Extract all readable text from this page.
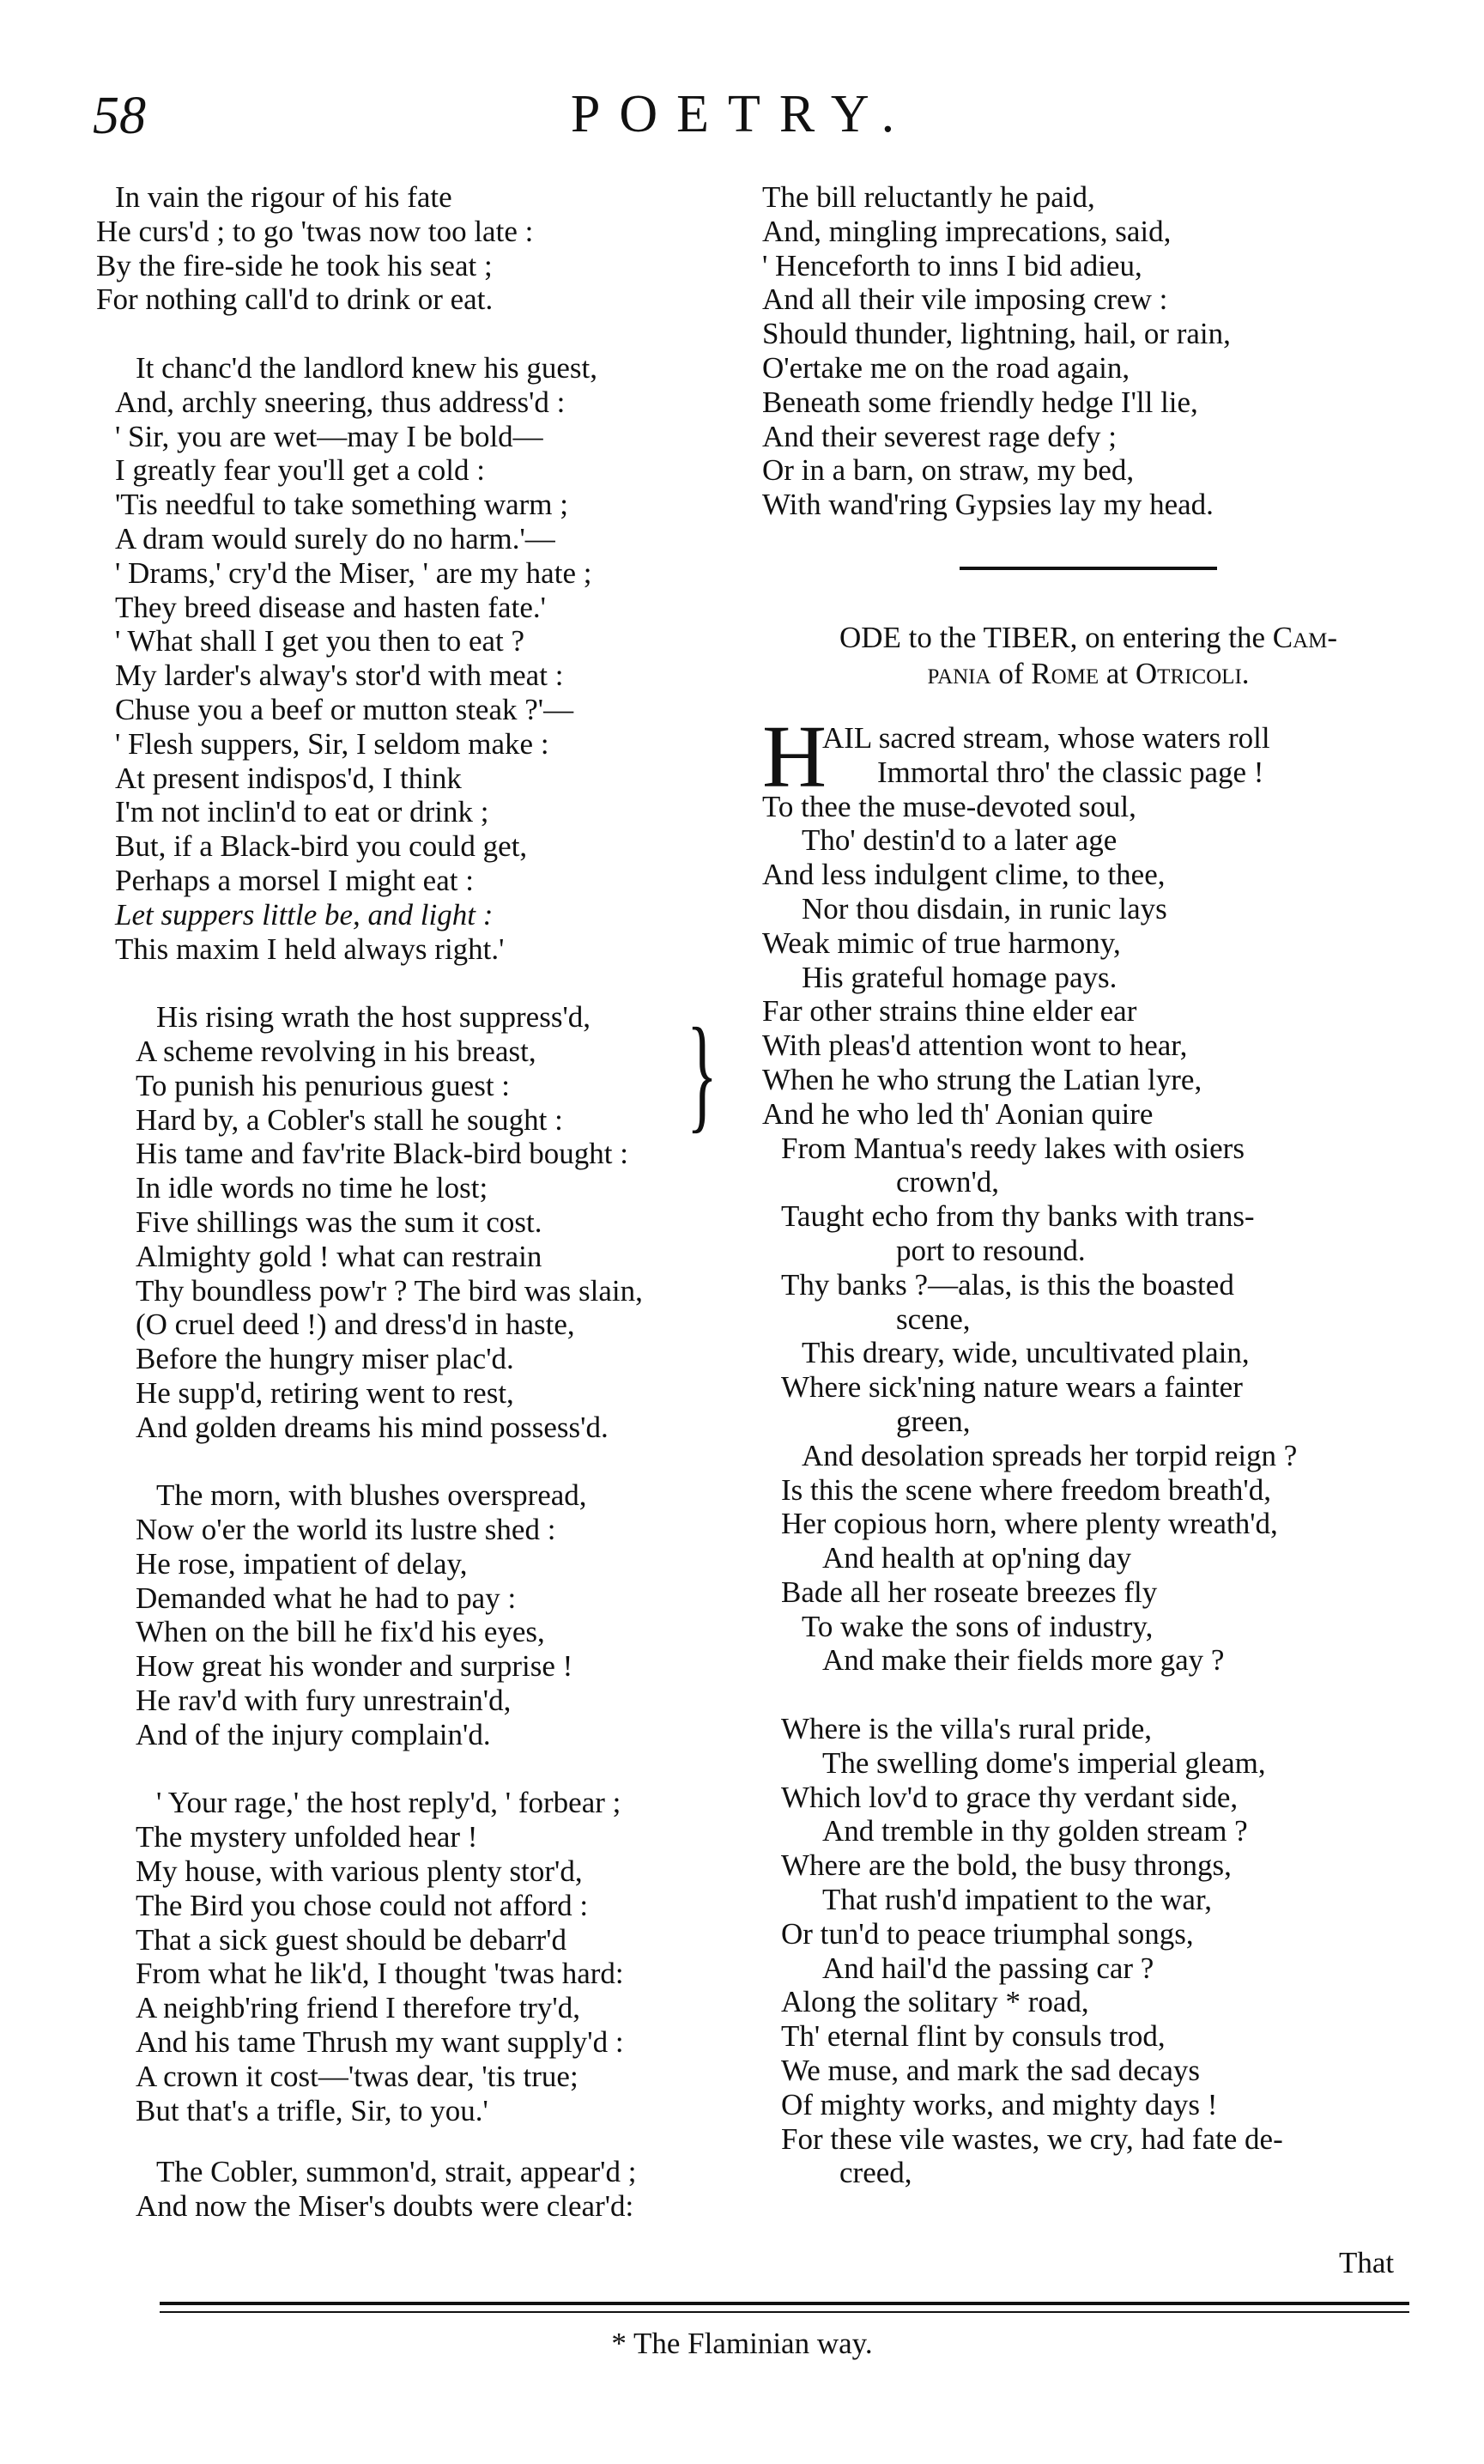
58	POETRY.
}
In vain the rigour of his fate
He curs'd ; to go 'twas now too late :
By the fire-side he took his seat ;
For nothing call'd to drink or eat.
It chanc'd the landlord knew his guest,
And, archly sneering, thus address'd :
' Sir, you are wet—may I be bold—
I greatly fear you'll get a cold :
'Tis needful to take something warm ;
A dram would surely do no harm.'—
' Drams,' cry'd the Miser, ' are my hate ;
They breed disease and hasten fate.'
' What shall I get you then to eat ?
My larder's alway's stor'd with meat :
Chuse you a beef or mutton steak ?'—
' Flesh suppers, Sir, I seldom make :
At present indispos'd, I think
I'm not inclin'd to eat or drink ;
But, if a Black-bird you could get,
Perhaps a morsel I might eat :
Let suppers little be, and light :
This maxim I held always right.'
His rising wrath the host suppress'd,
A scheme revolving in his breast,
To punish his penurious guest :
Hard by, a Cobler's stall he sought :
His tame and fav'rite Black-bird bought :
In idle words no time he lost;
Five shillings was the sum it cost.
Almighty gold ! what can restrain
Thy boundless pow'r ? The bird was slain,
(O cruel deed !) and dress'd in haste,
Before the hungry miser plac'd.
He supp'd, retiring went to rest,
And golden dreams his mind possess'd.
The morn, with blushes overspread,
Now o'er the world its lustre shed :
He rose, impatient of delay,
Demanded what he had to pay :
When on the bill he fix'd his eyes,
How great his wonder and surprise !
He rav'd with fury unrestrain'd,
And of the injury complain'd.
' Your rage,' the host reply'd, ' forbear ;
The mystery unfolded hear !
My house, with various plenty stor'd,
The Bird you chose could not afford :
That a sick guest should be debarr'd
From what he lik'd, I thought 'twas hard:
A neighb'ring friend I therefore try'd,
And his tame Thrush my want supply'd :
A crown it cost—'twas dear, 'tis true;
But that's a trifle, Sir, to you.'
The Cobler, summon'd, strait, appear'd ;
And now the Miser's doubts were clear'd:
The bill reluctantly he paid,
And, mingling imprecations, said,
' Henceforth to inns I bid adieu,
And all their vile imposing crew :
Should thunder, lightning, hail, or rain,
O'ertake me on the road again,
Beneath some friendly hedge I'll lie,
And their severest rage defy ;
Or in a barn, on straw, my bed,
With wand'ring Gypsies lay my head.
ODE to the TIBER, on entering the Cam-
pania of Rome at Otricoli.
H
AIL sacred stream, whose waters roll
Immortal thro' the classic page !
To thee the muse-devoted soul,
Tho' destin'd to a later age
And less indulgent clime, to thee,
Nor thou disdain, in runic lays
Weak mimic of true harmony,
His grateful homage pays.
Far other strains thine elder ear
With pleas'd attention wont to hear,
When he who strung the Latian lyre,
And he who led th' Aonian quire
From Mantua's reedy lakes with osiers
crown'd,
Taught echo from thy banks with trans-
port to resound.
Thy banks ?—alas, is this the boasted
scene,
This dreary, wide, uncultivated plain,
Where sick'ning nature wears a fainter
green,
And desolation spreads her torpid reign ?
Is this the scene where freedom breath'd,
Her copious horn, where plenty wreath'd,
And health at op'ning day
Bade all her roseate breezes fly
To wake the sons of industry,
And make their fields more gay ?
Where is the villa's rural pride,
The swelling dome's imperial gleam,
Which lov'd to grace thy verdant side,
And tremble in thy golden stream ?
Where are the bold, the busy throngs,
That rush'd impatient to the war,
Or tun'd to peace triumphal songs,
And hail'd the passing car ?
Along the solitary * road,
Th' eternal flint by consuls trod,
We muse, and mark the sad decays
Of mighty works, and mighty days !
For these vile wastes, we cry, had fate de-
creed,
That
* The Flaminian way.
